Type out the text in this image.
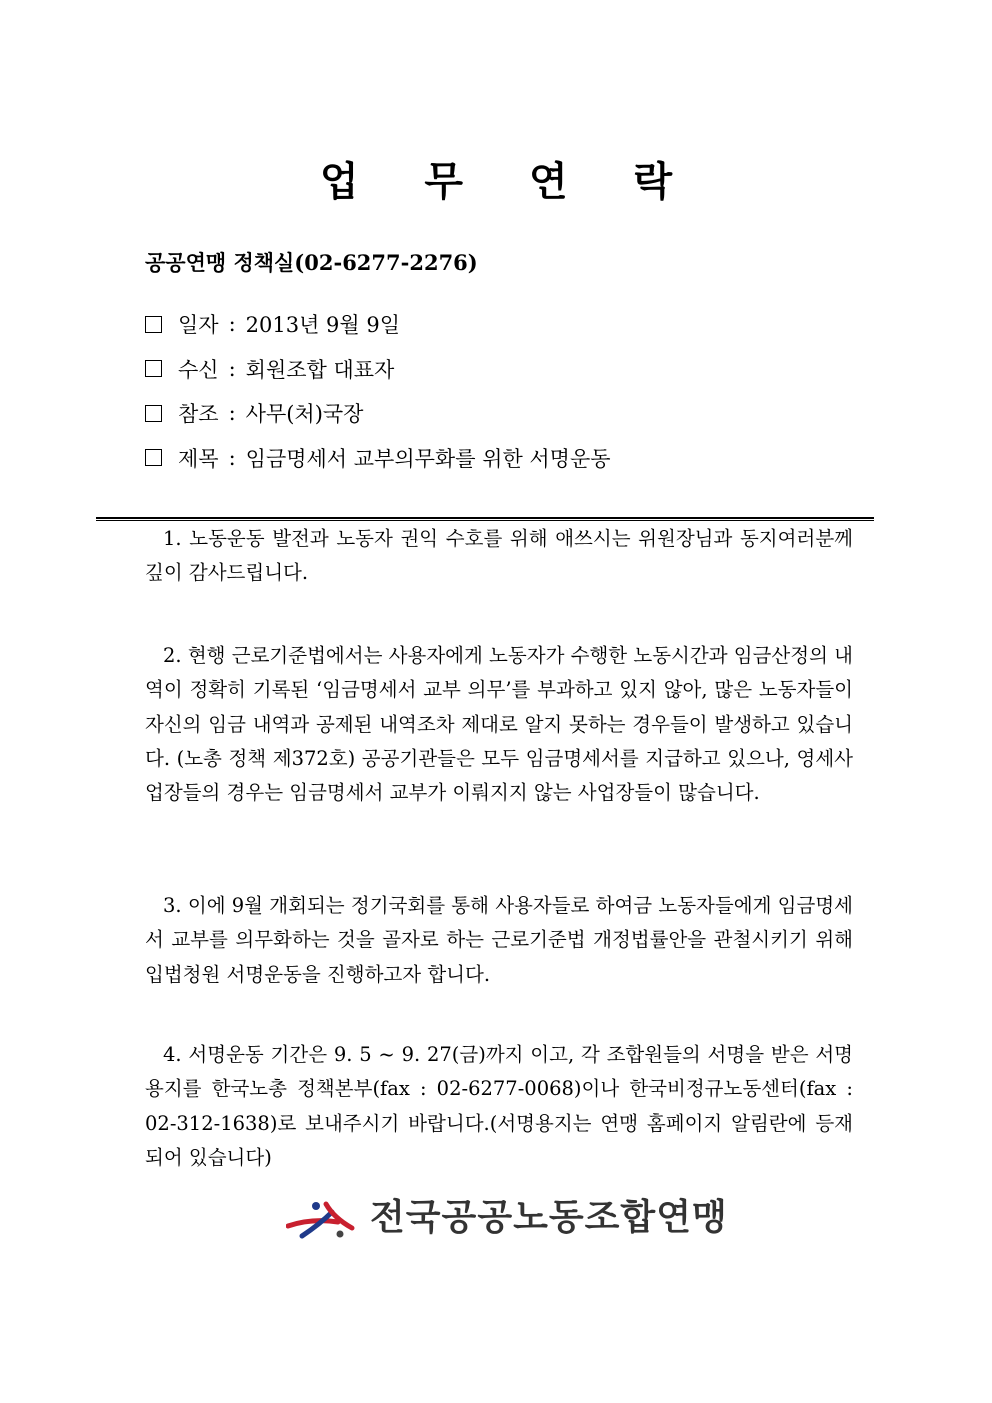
업 무 연 락
공공연맹 정책실(02-6277-2276)
일자 : 2013년 9월 9일
수신 : 회원조합 대표자
참조 : 사무(처)국장
제목 : 임금명세서 교부의무화를 위한 서명운동

1. 노동운동 발전과 노동자 권익 수호를 위해 애쓰시는 위원장님과 동지여러분께 깊이 감사드립니다.

2. 현행 근로기준법에서는 사용자에게 노동자가 수행한 노동시간과 임금산정의 내역이 정확히 기록된 ‘임금명세서 교부 의무’를 부과하고 있지 않아, 많은 노동자들이 자신의 임금 내역과 공제된 내역조차 제대로 알지 못하는 경우들이 발생하고 있습니다. (노총 정책 제372호) 공공기관들은 모두 임금명세서를 지급하고 있으나, 영세사업장들의 경우는 임금명세서 교부가 이뤄지지 않는 사업장들이 많습니다.

3. 이에 9월 개회되는 정기국회를 통해 사용자들로 하여금 노동자들에게 임금명세서 교부를 의무화하는 것을 골자로 하는 근로기준법 개정법률안을 관철시키기 위해 입법청원 서명운동을 진행하고자 합니다.

4. 서명운동 기간은 9. 5 ~ 9. 27(금)까지 이고, 각 조합원들의 서명을 받은 서명용지를 한국노총 정책본부(fax : 02-6277-0068)이나 한국비정규노동센터(fax : 02-312-1638)로 보내주시기 바랍니다.(서명용지는 연맹 홈페이지 알림란에 등재되어 있습니다)

전국공공노동조합연맹
